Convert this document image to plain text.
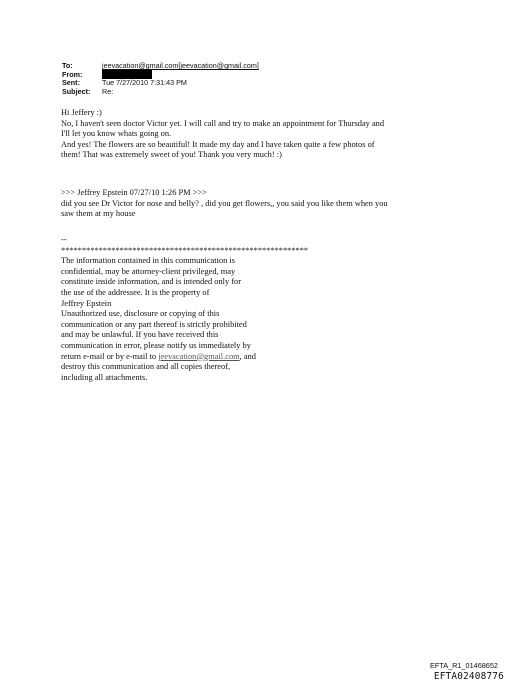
To:	jeevacation@gmail.com[jeevacation@gmail.com]
From:
Sent:	Tue 7/27/2010 7:31:43 PM
Subject:	Re:
Hi Jeffery :)
No, I haven't seen doctor Victor yet. I will call and try to make an appointment for Thursday and
I'll let you know whats going on.
And yes! The flowers are so beautiful! It made my day and I have taken quite a few photos of
them! That was extremely sweet of you! Thank you very much! :)
>>> Jeffrey Epstein 07/27/10 1:26 PM >>>
did you see Dr Victor for nose and belly? , did you get flowers,, you said you like them when you
saw them at my house
--
***********************************************************
The information contained in this communication is
confidential, may be attorney-client privileged, may
constitute inside information, and is intended only for
the use of the addressee. It is the property of
Jeffrey Epstein
Unauthorized use, disclosure or copying of this
communication or any part thereof is strictly prohibited
and may be unlawful. If you have received this
communication in error, please notify us immediately by
return e-mail or by e-mail to jeevacation@gmail.com, and
destroy this communication and all copies thereof,
including all attachments.
EFTA_R1_01468652
EFTA02408776
